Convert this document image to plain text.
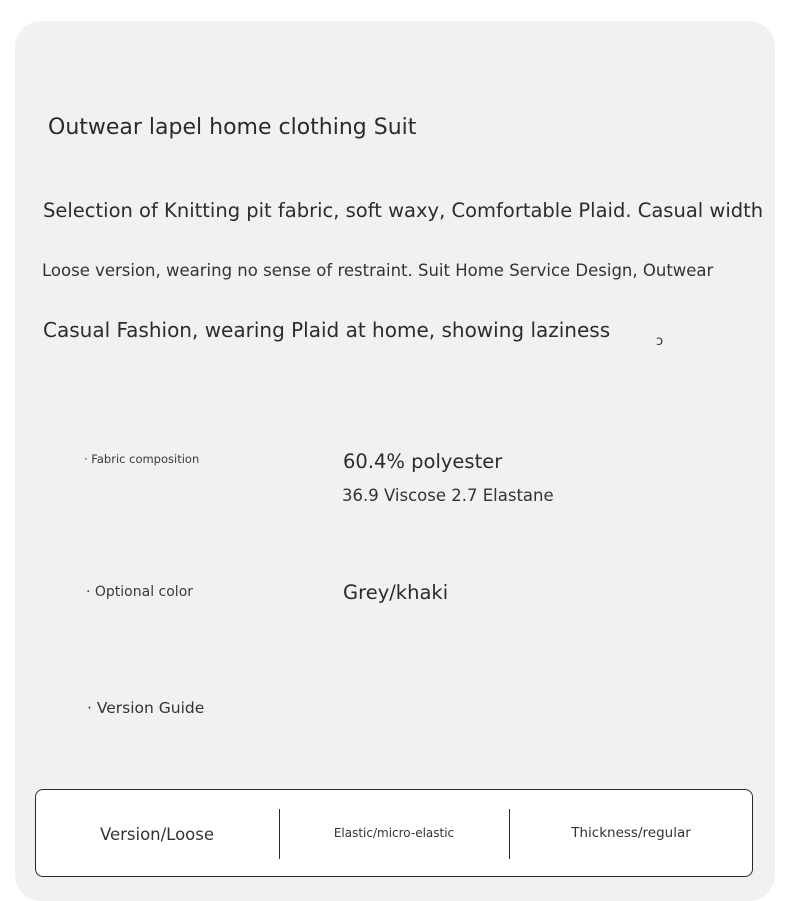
Outwear lapel home clothing Suit

Selection of Knitting pit fabric, soft waxy, Comfortable Plaid. Casual width

Loose version, wearing no sense of restraint. Suit Home Service Design, Outwear

Casual Fashion, wearing Plaid at home, showing laziness	ɔ
· Fabric composition	60.4% polyester
36.9 Viscose 2.7 Elastane
· Optional color	Grey/khaki
· Version Guide
Version/Loose	Elastic/micro-elastic	Thickness/regular
